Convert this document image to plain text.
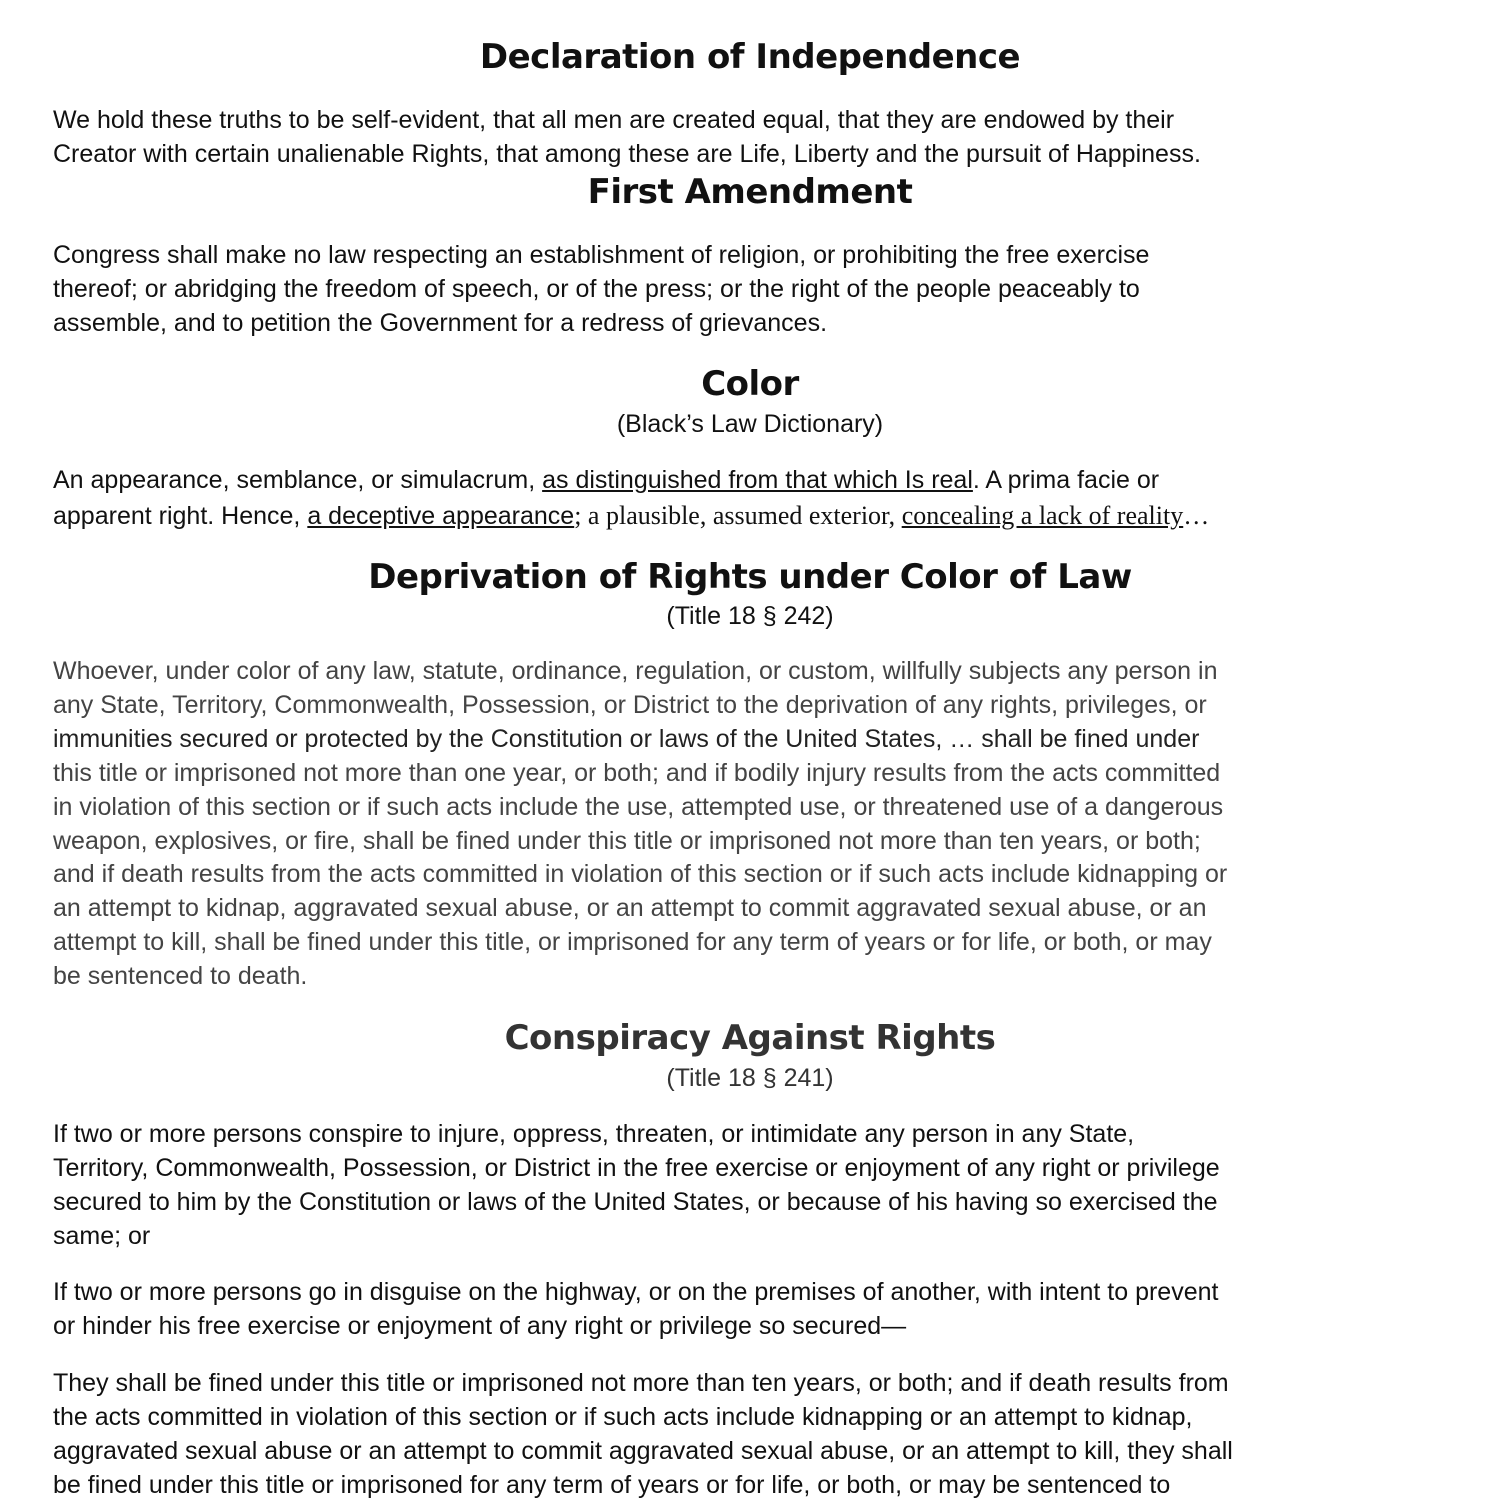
Declaration of Independence
We hold these truths to be self-evident, that all men are created equal, that they are endowed by their
Creator with certain unalienable Rights, that among these are Life, Liberty and the pursuit of Happiness.
First Amendment
Congress shall make no law respecting an establishment of religion, or prohibiting the free exercise
thereof; or abridging the freedom of speech, or of the press; or the right of the people peaceably to
assemble, and to petition the Government for a redress of grievances.
Color
(Black’s Law Dictionary)
An appearance, semblance, or simulacrum, as distinguished from that which Is real. A prima facie or
apparent right. Hence, a deceptive appearance; a plausible, assumed exterior, concealing a lack of reality…
Deprivation of Rights under Color of Law
(Title 18 § 242)
Whoever, under color of any law, statute, ordinance, regulation, or custom, willfully subjects any person in
any State, Territory, Commonwealth, Possession, or District to the deprivation of any rights, privileges, or
immunities secured or protected by the Constitution or laws of the United States, … shall be fined under
this title or imprisoned not more than one year, or both; and if bodily injury results from the acts committed
in violation of this section or if such acts include the use, attempted use, or threatened use of a dangerous
weapon, explosives, or fire, shall be fined under this title or imprisoned not more than ten years, or both;
and if death results from the acts committed in violation of this section or if such acts include kidnapping or
an attempt to kidnap, aggravated sexual abuse, or an attempt to commit aggravated sexual abuse, or an
attempt to kill, shall be fined under this title, or imprisoned for any term of years or for life, or both, or may
be sentenced to death.
Conspiracy Against Rights
(Title 18 § 241)
If two or more persons conspire to injure, oppress, threaten, or intimidate any person in any State,
Territory, Commonwealth, Possession, or District in the free exercise or enjoyment of any right or privilege
secured to him by the Constitution or laws of the United States, or because of his having so exercised the
same; or
If two or more persons go in disguise on the highway, or on the premises of another, with intent to prevent
or hinder his free exercise or enjoyment of any right or privilege so secured—
They shall be fined under this title or imprisoned not more than ten years, or both; and if death results from
the acts committed in violation of this section or if such acts include kidnapping or an attempt to kidnap,
aggravated sexual abuse or an attempt to commit aggravated sexual abuse, or an attempt to kill, they shall
be fined under this title or imprisoned for any term of years or for life, or both, or may be sentenced to
